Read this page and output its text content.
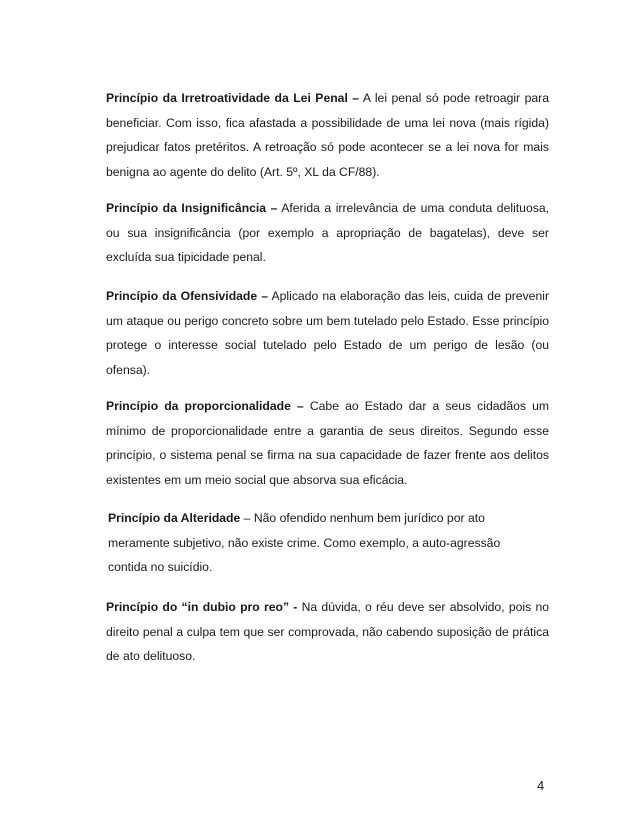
Princípio da Irretroatividade da Lei Penal – A lei penal só pode retroagir para beneficiar. Com isso, fica afastada a possibilidade de uma lei nova (mais rígida) prejudicar fatos pretéritos. A retroação só pode acontecer se a lei nova for mais benigna ao agente do delito (Art. 5º, XL da CF/88).

Princípio da Insignificância – Aferida a irrelevância de uma conduta delituosa, ou sua insignificância (por exemplo a apropriação de bagatelas), deve ser excluída sua tipicidade penal.

Princípio da Ofensividade – Aplicado na elaboração das leis, cuida de prevenir um ataque ou perigo concreto sobre um bem tutelado pelo Estado. Esse princípio protege o interesse social tutelado pelo Estado de um perigo de lesão (ou ofensa).

Princípio da proporcionalidade – Cabe ao Estado dar a seus cidadãos um mínimo de proporcionalidade entre a garantia de seus direitos. Segundo esse princípio, o sistema penal se firma na sua capacidade de fazer frente aos delitos existentes em um meio social que absorva sua eficácia.

Princípio da Alteridade – Não ofendido nenhum bem jurídico por ato meramente subjetivo, não existe crime. Como exemplo, a auto-agressão contida no suicídio.

Princípio do “in dubio pro reo” - Na dúvida, o réu deve ser absolvido, pois no direito penal a culpa tem que ser comprovada, não cabendo suposição de prática de ato delituoso.

4
